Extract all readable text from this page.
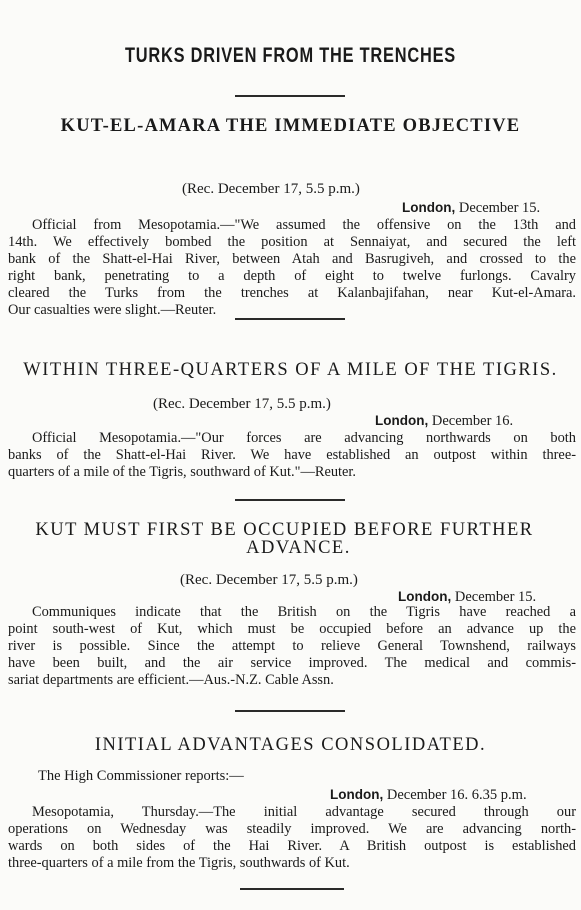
TURKS DRIVEN FROM THE TRENCHES
KUT-EL-AMARA THE IMMEDIATE OBJECTIVE
(Rec. December 17, 5.5 p.m.)
London, December 15.
Official from Mesopotamia.—"We assumed the offensive on the 13th and
14th. We effectively bombed the position at Sennaiyat, and secured the left
bank of the Shatt-el-Hai River, between Atah and Basrugiveh, and crossed to the
right bank, penetrating to a depth of eight to twelve furlongs. Cavalry
cleared the Turks from the trenches at Kalanbajifahan, near Kut-el-Amara.
Our casualties were slight.—Reuter.
WITHIN THREE-QUARTERS OF A MILE OF THE TIGRIS.
(Rec. December 17, 5.5 p.m.)
London, December 16.
Official Mesopotamia.—"Our forces are advancing northwards on both
banks of the Shatt-el-Hai River. We have established an outpost within three-
quarters of a mile of the Tigris, southward of Kut."—Reuter.
KUT MUST FIRST BE OCCUPIED BEFORE FURTHER
ADVANCE.
(Rec. December 17, 5.5 p.m.)
London, December 15.
Communiques indicate that the British on the Tigris have reached a
point south-west of Kut, which must be occupied before an advance up the
river is possible. Since the attempt to relieve General Townshend, railways
have been built, and the air service improved. The medical and commis-
sariat departments are efficient.—Aus.-N.Z. Cable Assn.
INITIAL ADVANTAGES CONSOLIDATED.
The High Commissioner reports:—
London, December 16. 6.35 p.m.
Mesopotamia, Thursday.—The initial advantage secured through our
operations on Wednesday was steadily improved. We are advancing north-
wards on both sides of the Hai River. A British outpost is established
three-quarters of a mile from the Tigris, southwards of Kut.
